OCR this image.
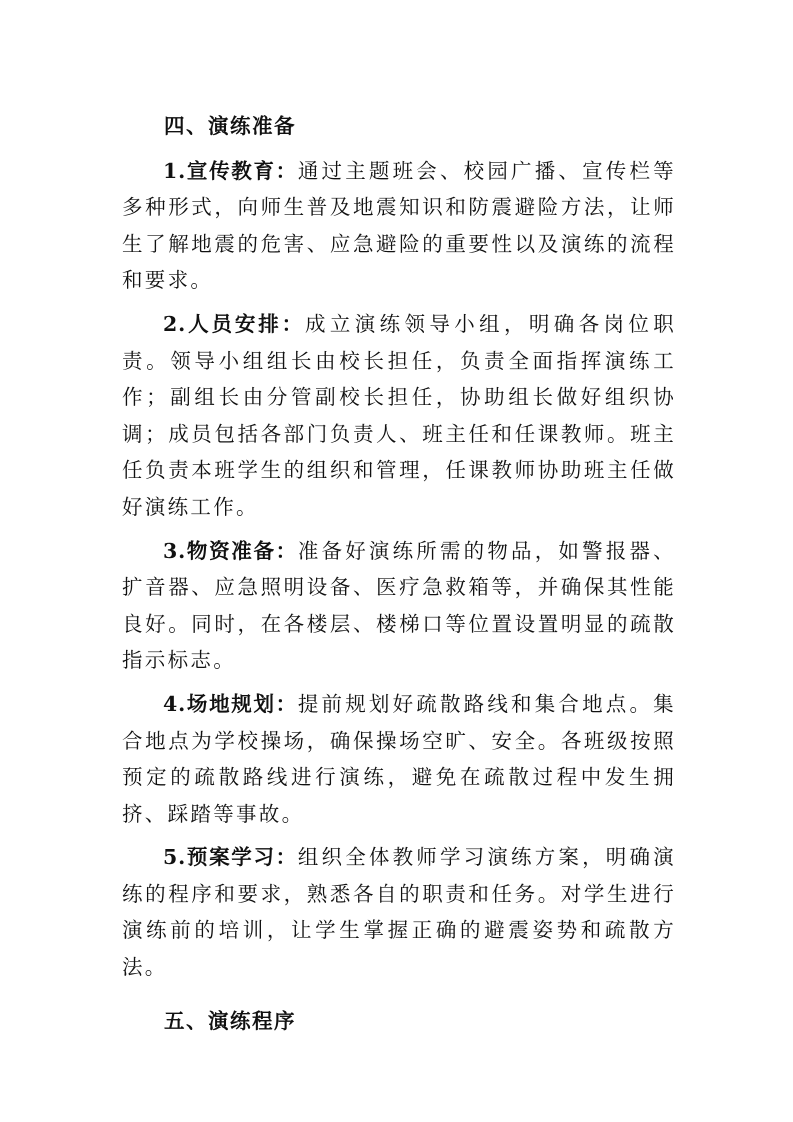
四、演练准备

1.宣传教育：通过主题班会、校园广播、宣传栏等多种形式，向师生普及地震知识和防震避险方法，让师生了解地震的危害、应急避险的重要性以及演练的流程和要求。

2.人员安排：成立演练领导小组，明确各岗位职责。领导小组组长由校长担任，负责全面指挥演练工作；副组长由分管副校长担任，协助组长做好组织协调；成员包括各部门负责人、班主任和任课教师。班主任负责本班学生的组织和管理，任课教师协助班主任做好演练工作。

3.物资准备：准备好演练所需的物品，如警报器、扩音器、应急照明设备、医疗急救箱等，并确保其性能良好。同时，在各楼层、楼梯口等位置设置明显的疏散指示标志。

4.场地规划：提前规划好疏散路线和集合地点。集合地点为学校操场，确保操场空旷、安全。各班级按照预定的疏散路线进行演练，避免在疏散过程中发生拥挤、踩踏等事故。

5.预案学习：组织全体教师学习演练方案，明确演练的程序和要求，熟悉各自的职责和任务。对学生进行演练前的培训，让学生掌握正确的避震姿势和疏散方法。

五、演练程序
